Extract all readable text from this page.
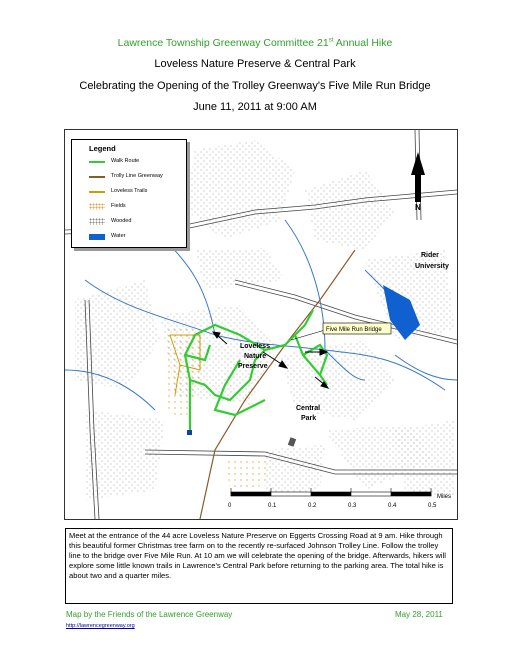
Lawrence Township Greenway Committee 21st Annual Hike
Loveless Nature Preserve & Central Park
Celebrating the Opening of the Trolley Greenway's Five Mile Run Bridge
June 11, 2011 at 9:00 AM
Five Mile Run Bridge
Rider
University
Loveless
Nature
Preserve
Central
Park
N
0	0.1	0.2	0.3	0.4	0.5
Miles
Legend
Walk Route
Trolly Line Greenway
Loveless Trails
Fields
Wooded
Water
Meet at the entrance of the 44 acre Loveless Nature Preserve on Eggerts Crossing Road at 9 am. Hike through this beautiful former Christmas tree farm on to the recently re-surfaced Johnson Trolley Line. Follow the trolley line to the bridge over Five Mile Run. At 10 am we will celebrate the opening of the bridge. Afterwards, hikers will explore some little known trails in Lawrence's Central Park before returning to the parking area. The total hike is about two and a quarter miles.
Map by the Friends of the Lawrence Greenway	May 28, 2011
http://lawrencegreenway.org
